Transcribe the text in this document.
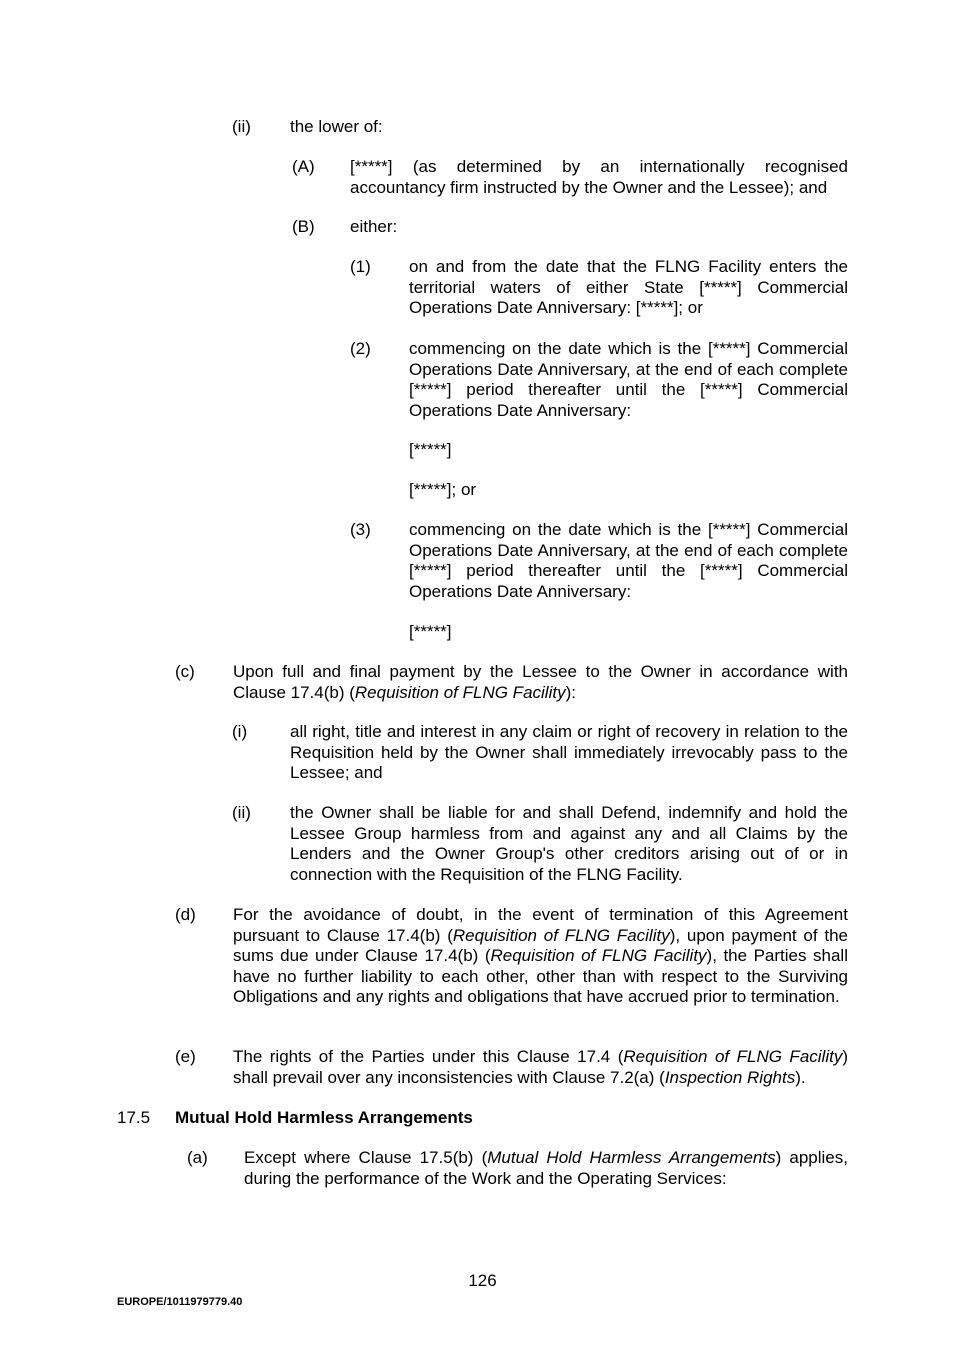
(ii) the lower of:
(A) [*****] (as determined by an internationally recognised accountancy firm instructed by the Owner and the Lessee); and
(B) either:
(1) on and from the date that the FLNG Facility enters the territorial waters of either State [*****] Commercial Operations Date Anniversary: [*****]; or
(2) commencing on the date which is the [*****] Commercial Operations Date Anniversary, at the end of each complete [*****] period thereafter until the [*****] Commercial Operations Date Anniversary:
[*****]
[*****]; or
(3) commencing on the date which is the [*****] Commercial Operations Date Anniversary, at the end of each complete [*****] period thereafter until the [*****] Commercial Operations Date Anniversary:
[*****]
(c) Upon full and final payment by the Lessee to the Owner in accordance with Clause 17.4(b) (Requisition of FLNG Facility):
(i)	all right, title and interest in any claim or right of recovery in relation to the Requisition held by the Owner shall immediately irrevocably pass to the Lessee; and
(ii) the Owner shall be liable for and shall Defend, indemnify and hold the Lessee Group harmless from and against any and all Claims by the Lenders and the Owner Group's other creditors arising out of or in connection with the Requisition of the FLNG Facility.
(d) For the avoidance of doubt, in the event of termination of this Agreement pursuant to Clause 17.4(b) (Requisition of FLNG Facility), upon payment of the sums due under Clause 17.4(b) (Requisition of FLNG Facility), the Parties shall have no further liability to each other, other than with respect to the Surviving Obligations and any rights and obligations that have accrued prior to termination.
(e) The rights of the Parties under this Clause 17.4 (Requisition of FLNG Facility) shall prevail over any inconsistencies with Clause 7.2(a) (Inspection Rights).
17.5 Mutual Hold Harmless Arrangements
(a) Except where Clause 17.5(b) (Mutual Hold Harmless Arrangements) applies, during the performance of the Work and the Operating Services:
126
EUROPE/1011979779.40
